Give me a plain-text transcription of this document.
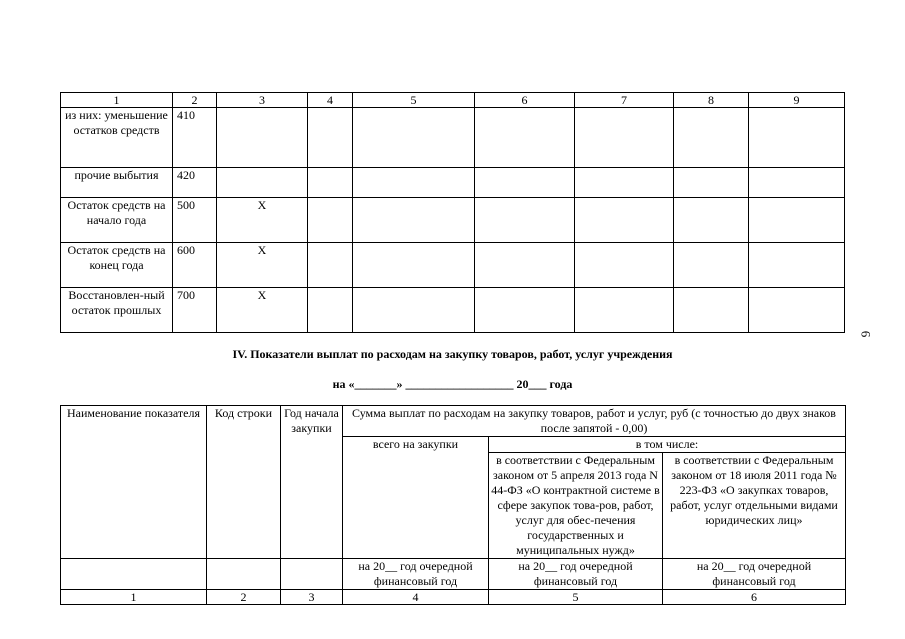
6
1	2	3	4	5	6	7	8	9
из них: уменьшение остатков средств	410							
прочие выбытия	420							
Остаток средств на начало года	500	X						
Остаток средств на конец года	600	X						
Восстановлен-ный остаток прошлых	700	X						
IV. Показатели выплат по расходам на закупку товаров, работ, услуг учреждения
на «_______» __________________ 20___ года
Наименование показателя	Код строки	Год начала закупки	Сумма выплат по расходам на закупку товаров, работ и услуг, руб (с точностью до двух знаков после запятой - 0,00)		
			всего на закупки	в том числе:	
				в соответствии с Федеральным законом от 5 апреля 2013 года N 44-ФЗ «О контрактной системе в сфере закупок това-ров, работ, услуг для обес-печения государственных и муниципальных нужд»	в соответствии с Федеральным законом от 18 июля 2011 года № 223-ФЗ «О закупках товаров, работ, услуг отдельными видами юридических лиц»
			на 20__ год очередной финансовый год	на 20__ год очередной финансовый год	на 20__ год очередной финансовый год
1	2	3	4	5	6
